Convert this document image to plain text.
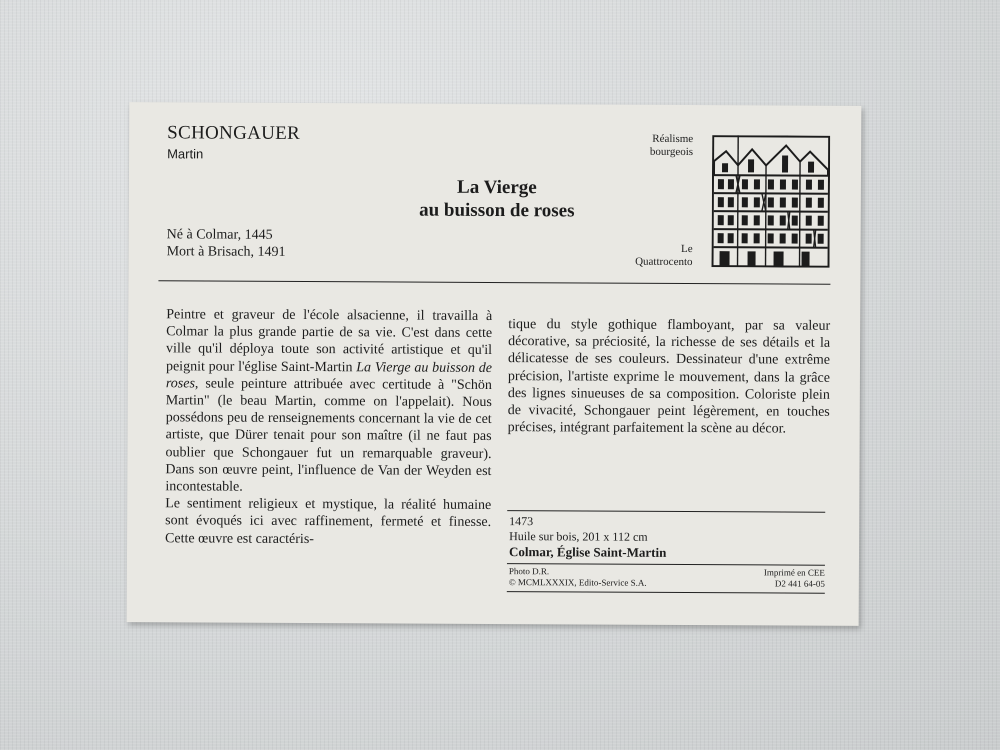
SCHONGAUER
Martin
La Vierge
au buisson de roses
Né à Colmar, 1445
Mort à Brisach, 1491
Réalisme
bourgeois
Le
Quattrocento

Peintre et graveur de l'école alsacienne, il travailla à Colmar la plus grande partie de sa vie. C'est dans cette ville qu'il déploya toute son activité artistique et qu'il peignit pour l'église Saint-Martin La Vierge au buisson de roses, seule peinture attribuée avec certitude à "Schön Martin" (le beau Martin, comme on l'appelait). Nous possédons peu de renseignements concernant la vie de cet artiste, que Dürer tenait pour son maître (il ne faut pas oublier que Schongauer fut un remarquable graveur). Dans son œuvre peint, l'influence de Van der Weyden est incontestable.

Le sentiment religieux et mystique, la réalité humaine sont évoqués ici avec raffinement, fermeté et finesse. Cette œuvre est caractéris-

tique du style gothique flamboyant, par sa valeur décorative, sa préciosité, la richesse de ses détails et la délicatesse de ses couleurs. Dessinateur d'une extrême précision, l'artiste exprime le mouvement, dans la grâce des lignes sinueuses de sa composition. Coloriste plein de vivacité, Schongauer peint légèrement, en touches précises, intégrant parfaitement la scène au décor.

1473
Huile sur bois, 201 x 112 cm
Colmar, Église Saint-Martin
Photo D.R.
© MCMLXXXIX, Edito-Service S.A.
Imprimé en CEE
D2 441 64-05
